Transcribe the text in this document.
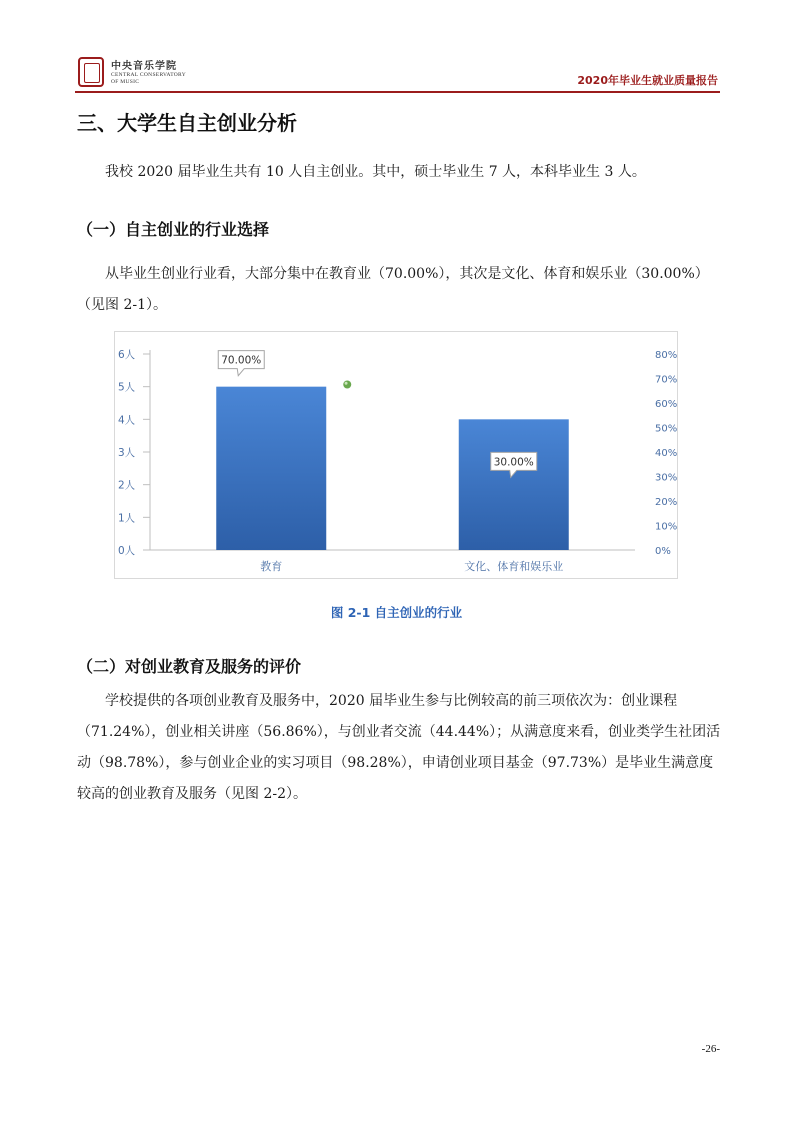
中央音乐学院
CENTRAL CONSERVATORY
OF MUSIC	2020年毕业生就业质量报告
三、大学生自主创业分析
我校 2020 届毕业生共有 10 人自主创业。其中，硕士毕业生 7 人，本科毕业生 3 人。
（一）自主创业的行业选择
从毕业生创业行业看，大部分集中在教育业（70.00%），其次是文化、体育和娱乐业（30.00%）（见图 2-1）。
0人
1人
2人
3人
4人
5人
6人
0%
10%
20%
30%
40%
50%
60%
70%
80%
教育
70.00%
文化、体育和娱乐业
30.00%
图 2-1 自主创业的行业
（二）对创业教育及服务的评价
学校提供的各项创业教育及服务中，2020 届毕业生参与比例较高的前三项依次为：创业课程（71.24%），创业相关讲座（56.86%），与创业者交流（44.44%）；从满意度来看，创业类学生社团活动（98.78%），参与创业企业的实习项目（98.28%），申请创业项目基金（97.73%）是毕业生满意度较高的创业教育及服务（见图 2-2）。
-26-
